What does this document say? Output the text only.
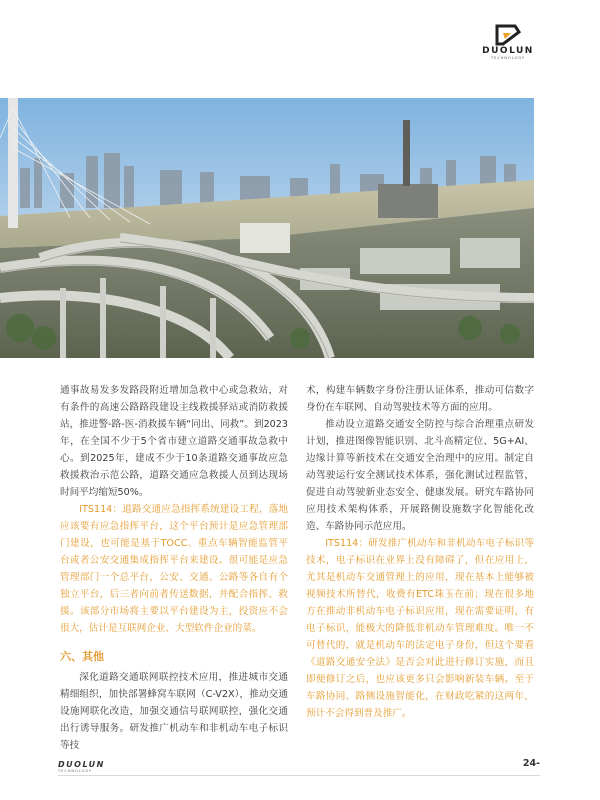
DUOLUN
TECHNOLOGY

通事故易发多发路段附近增加急救中心或急救站，对有条件的高速公路路段建设主线救援驿站或消防救援站，推进警-路-医-消救援车辆“同出、同救”。到2023年，在全国不少于5个省市建立道路交通事故急救中心。到2025年，建成不少于10条道路交通事故应急救援救治示范公路，道路交通应急救援人员到达现场时间平均缩短50%。

ITS114：道路交通应急指挥系统建设工程，落地应该要有应急指挥平台，这个平台预计是应急管理部门建设，也可能是基于TOCC、重点车辆智能监管平台或者公安交通集成指挥平台来建设。很可能是应急管理部门一个总平台，公安、交通、公路等各自有个独立平台，后三者向前者传送数据，并配合指挥、救援。该部分市场将主要以平台建设为主，投资应不会很大，估计是互联网企业、大型软件企业的菜。

六、其他

深化道路交通联网联控技术应用，推进城市交通精细组织，加快部署蜂窝车联网（C-V2X），推动交通设施网联化改造，加强交通信号联网联控，强化交通出行诱导服务。研发推广机动车和非机动车电子标识等技

术，构建车辆数字身份注册认证体系，推动可信数字身份在车联网、自动驾驶技术等方面的应用。

推动设立道路交通安全防控与综合治理重点研发计划，推进图像智能识别、北斗高精定位、5G+AI、边缘计算等新技术在交通安全治理中的应用。制定自动驾驶运行安全测试技术体系，强化测试过程监管，促进自动驾驶新业态安全、健康发展。研究车路协同应用技术架构体系，开展路侧设施数字化智能化改造、车路协同示范应用。

ITS114：研发推广机动车和非机动车电子标识等技术，电子标识在业界上没有障碍了，但在应用上，尤其是机动车交通管理上的应用，现在基本上能够被视频技术所替代，收费有ETC珠玉在前；现在很多地方在推动非机动车电子标识应用，现在需要证明，有电子标识，能极大的降低非机动车管理难度。唯一不可替代的，就是机动车的法定电子身份，但这个要看《道路交通安全法》是否会对此进行修订实施，而且即便修订之后，也应该更多只会影响新装车辆。至于车路协同、路侧设施智能化，在财政吃紧的这两年，预计不会得到普及推广。

DUOLUN
TECHNOLOGY
24-
